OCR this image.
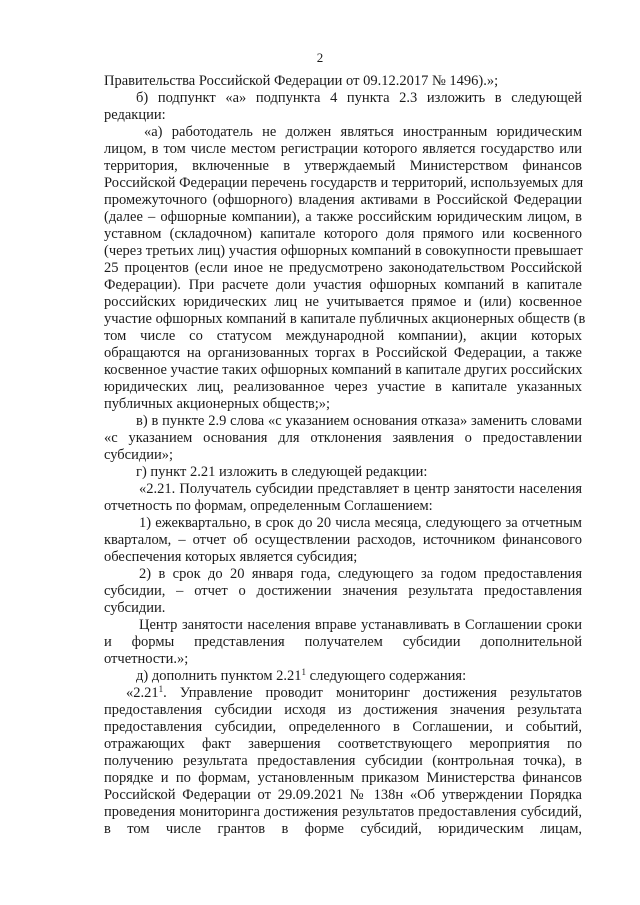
2
Правительства Российской Федерации от 09.12.2017 № 1496).»;
б) подпункт «а» подпункта 4 пункта 2.3 изложить в следующей
редакции:
«а) работодатель не должен являться иностранным юридическим
лицом, в том числе местом регистрации которого является государство или
территория, включенные в утверждаемый Министерством финансов
Российской Федерации перечень государств и территорий, используемых для
промежуточного (офшорного) владения активами в Российской Федерации
(далее – офшорные компании), а также российским юридическим лицом, в
уставном (складочном) капитале которого доля прямого или косвенного
(через третьих лиц) участия офшорных компаний в совокупности превышает
25 процентов (если иное не предусмотрено законодательством Российской
Федерации). При расчете доли участия офшорных компаний в капитале
российских юридических лиц не учитывается прямое и (или) косвенное
участие офшорных компаний в капитале публичных акционерных обществ (в
том числе со статусом международной компании), акции которых
обращаются на организованных торгах в Российской Федерации, а также
косвенное участие таких офшорных компаний в капитале других российских
юридических лиц, реализованное через участие в капитале указанных
публичных акционерных обществ;»;
в) в пункте 2.9 слова «с указанием основания отказа» заменить словами
«с указанием основания для отклонения заявления о предоставлении
субсидии»;
г) пункт 2.21 изложить в следующей редакции:
«2.21. Получатель субсидии представляет в центр занятости населения
отчетность по формам, определенным Соглашением:
1) ежеквартально, в срок до 20 числа месяца, следующего за отчетным
кварталом, – отчет об осуществлении расходов, источником финансового
обеспечения которых является субсидия;
2) в срок до 20 января года, следующего за годом предоставления
субсидии, – отчет о достижении значения результата предоставления
субсидии.
Центр занятости населения вправе устанавливать в Соглашении сроки
и формы представления получателем субсидии дополнительной
отчетности.»;
д) дополнить пунктом 2.21$^1$ следующего содержания:
«2.21$^1$. Управление проводит мониторинг достижения результатов
предоставления субсидии исходя из достижения значения результата
предоставления субсидии, определенного в Соглашении, и событий,
отражающих факт завершения соответствующего мероприятия по
получению результата предоставления субсидии (контрольная точка), в
порядке и по формам, установленным приказом Министерства финансов
Российской Федерации от 29.09.2021 № 138н «Об утверждении Порядка
проведения мониторинга достижения результатов предоставления субсидий,
в том числе грантов в форме субсидий, юридическим лицам,
